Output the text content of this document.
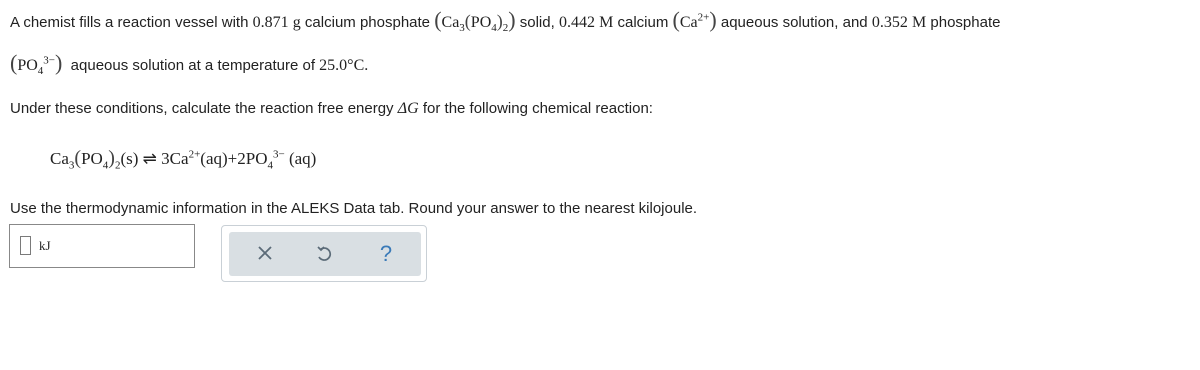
A chemist fills a reaction vessel with 0.871 g calcium phosphate $(Ca_3(PO_4)_2)$ solid, 0.442 M calcium $(Ca^{2+})$ aqueous solution, and 0.352 M phosphate
$(PO_4^{3-})$  aqueous solution at a temperature of 25.0°C.
Under these conditions, calculate the reaction free energy ΔG for the following chemical reaction:
$Ca_3(PO_4)_2(s)$ ⇌ $3Ca^{2+}(aq)+2PO_4^{3-}$ (aq)
Use the thermodynamic information in the ALEKS Data tab. Round your answer to the nearest kilojoule.
kJ	?
